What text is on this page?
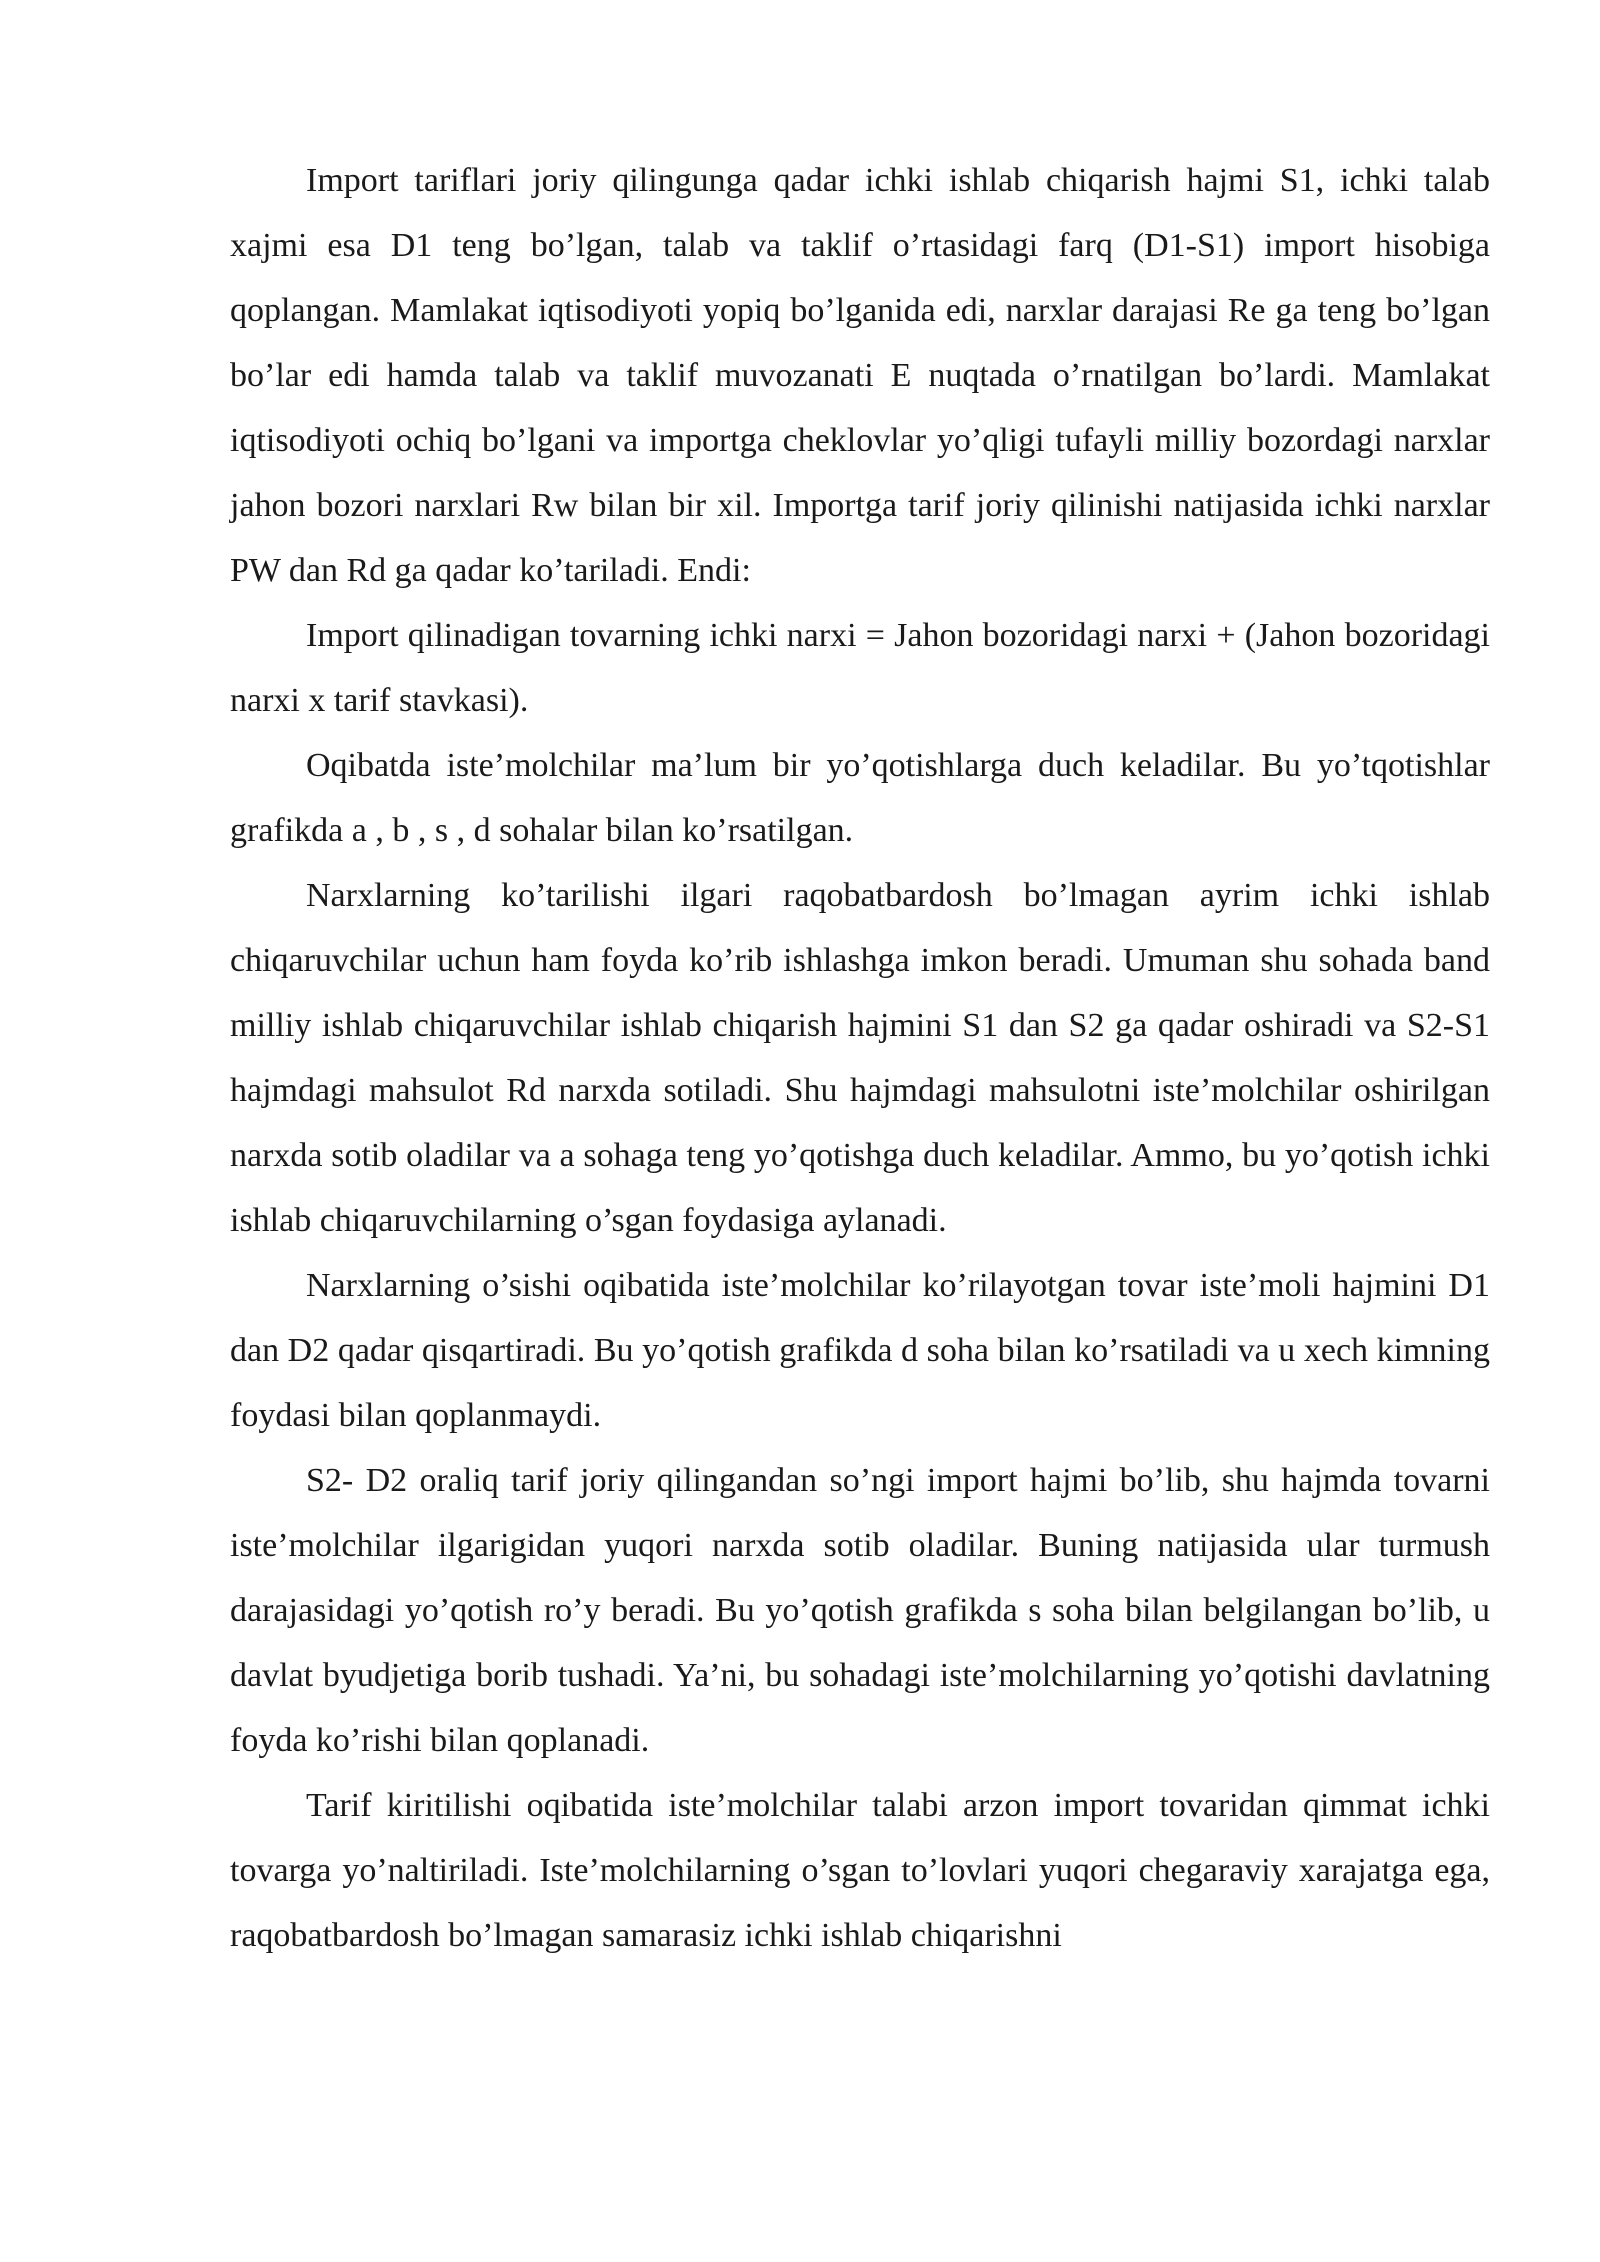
Import tariflari joriy qilingunga qadar ichki ishlab chiqarish hajmi S1, ichki talab xajmi esa D1 teng bo’lgan, talab va taklif o’rtasidagi farq (D1-S1) import hisobiga qoplangan. Mamlakat iqtisodiyoti yopiq bo’lganida edi, narxlar darajasi Re ga teng bo’lgan bo’lar edi hamda talab va taklif muvozanati E nuqtada o’rnatilgan bo’lardi. Mamlakat iqtisodiyoti ochiq bo’lgani va importga cheklovlar yo’qligi tufayli milliy bozordagi narxlar jahon bozori narxlari Rw bilan bir xil. Importga tarif joriy qilinishi natijasida ichki narxlar PW dan Rd ga qadar ko’tariladi. Endi:

Import qilinadigan tovarning ichki narxi = Jahon bozoridagi narxi + (Jahon bozoridagi narxi x tarif stavkasi).

Oqibatda iste’molchilar ma’lum bir yo’qotishlarga duch keladilar. Bu yo’tqotishlar grafikda a , b , s , d sohalar bilan ko’rsatilgan.

Narxlarning ko’tarilishi ilgari raqobatbardosh bo’lmagan ayrim ichki ishlab chiqaruvchilar uchun ham foyda ko’rib ishlashga imkon beradi. Umuman shu sohada band milliy ishlab chiqaruvchilar ishlab chiqarish hajmini S1 dan S2 ga qadar oshiradi va S2-S1 hajmdagi mahsulot Rd narxda sotiladi. Shu hajmdagi mahsulotni iste’molchilar oshirilgan narxda sotib oladilar va a sohaga teng yo’qotishga duch keladilar. Ammo, bu yo’qotish ichki ishlab chiqaruvchilarning o’sgan foydasiga aylanadi.

Narxlarning o’sishi oqibatida iste’molchilar ko’rilayotgan tovar iste’moli hajmini D1 dan D2 qadar qisqartiradi. Bu yo’qotish grafikda d soha bilan ko’rsatiladi va u xech kimning foydasi bilan qoplanmaydi.

S2- D2 oraliq tarif joriy qilingandan so’ngi import hajmi bo’lib, shu hajmda tovarni iste’molchilar ilgarigidan yuqori narxda sotib oladilar. Buning natijasida ular turmush darajasidagi yo’qotish ro’y beradi. Bu yo’qotish grafikda s soha bilan belgilangan bo’lib, u davlat byudjetiga borib tushadi. Ya’ni, bu sohadagi iste’molchilarning yo’qotishi davlatning foyda ko’rishi bilan qoplanadi.

Tarif kiritilishi oqibatida iste’molchilar talabi arzon import tovaridan qimmat ichki tovarga yo’naltiriladi. Iste’molchilarning o’sgan to’lovlari yuqori chegaraviy xarajatga ega, raqobatbardosh bo’lmagan samarasiz ichki ishlab chiqarishni
